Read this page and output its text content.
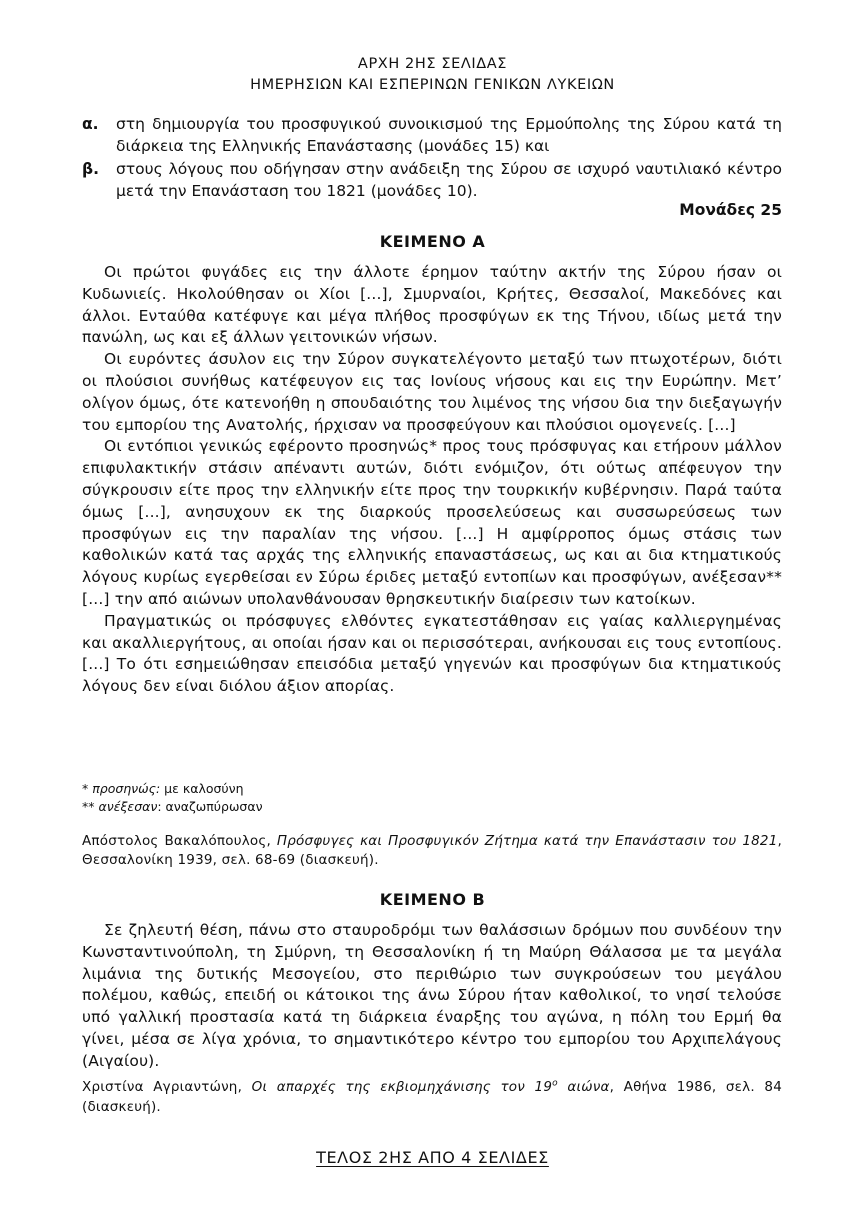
ΑΡΧΗ 2ΗΣ ΣΕΛΙΔΑΣ
ΗΜΕΡΗΣΙΩΝ ΚΑΙ ΕΣΠΕΡΙΝΩΝ ΓΕΝΙΚΩΝ ΛΥΚΕΙΩΝ
α. στη δημιουργία του προσφυγικού συνοικισμού της Ερμούπολης της Σύρου κατά τη διάρκεια της Ελληνικής Επανάστασης (μονάδες 15) και
β. στους λόγους που οδήγησαν στην ανάδειξη της Σύρου σε ισχυρό ναυτιλιακό κέντρο μετά την Επανάσταση του 1821 (μονάδες 10).
Μονάδες 25
ΚΕΙΜΕΝΟ Α

Οι πρώτοι φυγάδες εις την άλλοτε έρημον ταύτην ακτήν της Σύρου ήσαν οι Κυδωνιείς. Ηκολούθησαν οι Χίοι [...], Σμυρναίοι, Κρήτες, Θεσσαλοί, Μακεδόνες και άλλοι. Ενταύθα κατέφυγε και μέγα πλήθος προσφύγων εκ της Τήνου, ιδίως μετά την πανώλη, ως και εξ άλλων γειτονικών νήσων.

Οι ευρόντες άσυλον εις την Σύρον συγκατελέγοντο μεταξύ των πτωχοτέρων, διότι οι πλούσιοι συνήθως κατέφευγον εις τας Ιονίους νήσους και εις την Ευρώπην. Μετ’ ολίγον όμως, ότε κατενοήθη η σπουδαιότης του λιμένος της νήσου δια την διεξαγωγήν του εμπορίου της Ανατολής, ήρχισαν να προσφεύγουν και πλούσιοι ομογενείς. [...]

Οι εντόπιοι γενικώς εφέροντο προσηνώς* προς τους πρόσφυγας και ετήρουν μάλλον επιφυλακτικήν στάσιν απέναντι αυτών, διότι ενόμιζον, ότι ούτως απέφευγον την σύγκρουσιν είτε προς την ελληνικήν είτε προς την τουρκικήν κυβέρνησιν. Παρά ταύτα όμως [...], ανησυχουν εκ της διαρκούς προσελεύσεως και συσσωρεύσεως των προσφύγων εις την παραλίαν της νήσου. [...] Η αμφίρροπος όμως στάσις των καθολικών κατά τας αρχάς της ελληνικής επαναστάσεως, ως και αι δια κτηματικούς λόγους κυρίως εγερθείσαι εν Σύρω έριδες μεταξύ εντοπίων και προσφύγων, ανέξεσαν** [...] την από αιώνων υπολανθάνουσαν θρησκευτικήν διαίρεσιν των κατοίκων.

Πραγματικώς οι πρόσφυγες ελθόντες εγκατεστάθησαν εις γαίας καλλιεργημένας και ακαλλιεργήτους, αι οποίαι ήσαν και οι περισσότεραι, ανήκουσαι εις τους εντοπίους. [...] Το ότι εσημειώθησαν επεισόδια μεταξύ γηγενών και προσφύγων δια κτηματικούς λόγους δεν είναι διόλου άξιον απορίας.

* προσηνώς: με καλοσύνη
** ανέξεσαν: αναζωπύρωσαν
Απόστολος Βακαλόπουλος, Πρόσφυγες και Προσφυγικόν Ζήτημα κατά την Επανάστασιν του 1821, Θεσσαλονίκη 1939, σελ. 68-69 (διασκευή).
ΚΕΙΜΕΝΟ Β

Σε ζηλευτή θέση, πάνω στο σταυροδρόμι των θαλάσσιων δρόμων που συνδέουν την Κωνσταντινούπολη, τη Σμύρνη, τη Θεσσαλονίκη ή τη Μαύρη Θάλασσα με τα μεγάλα λιμάνια της δυτικής Μεσογείου, στο περιθώριο των συγκρούσεων του μεγάλου πολέμου, καθώς, επειδή οι κάτοικοι της άνω Σύρου ήταν καθολικοί, το νησί τελούσε υπό γαλλική προστασία κατά τη διάρκεια έναρξης του αγώνα, η πόλη του Ερμή θα γίνει, μέσα σε λίγα χρόνια, το σημαντικότερο κέντρο του εμπορίου του Αρχιπελάγους (Αιγαίου).

Χριστίνα Αγριαντώνη, Οι απαρχές της εκβιομηχάνισης τον $19^o$ αιώνα, Αθήνα 1986, σελ. 84 (διασκευή).
ΤΕΛΟΣ 2ΗΣ ΑΠΟ 4 ΣΕΛΙΔΕΣ
